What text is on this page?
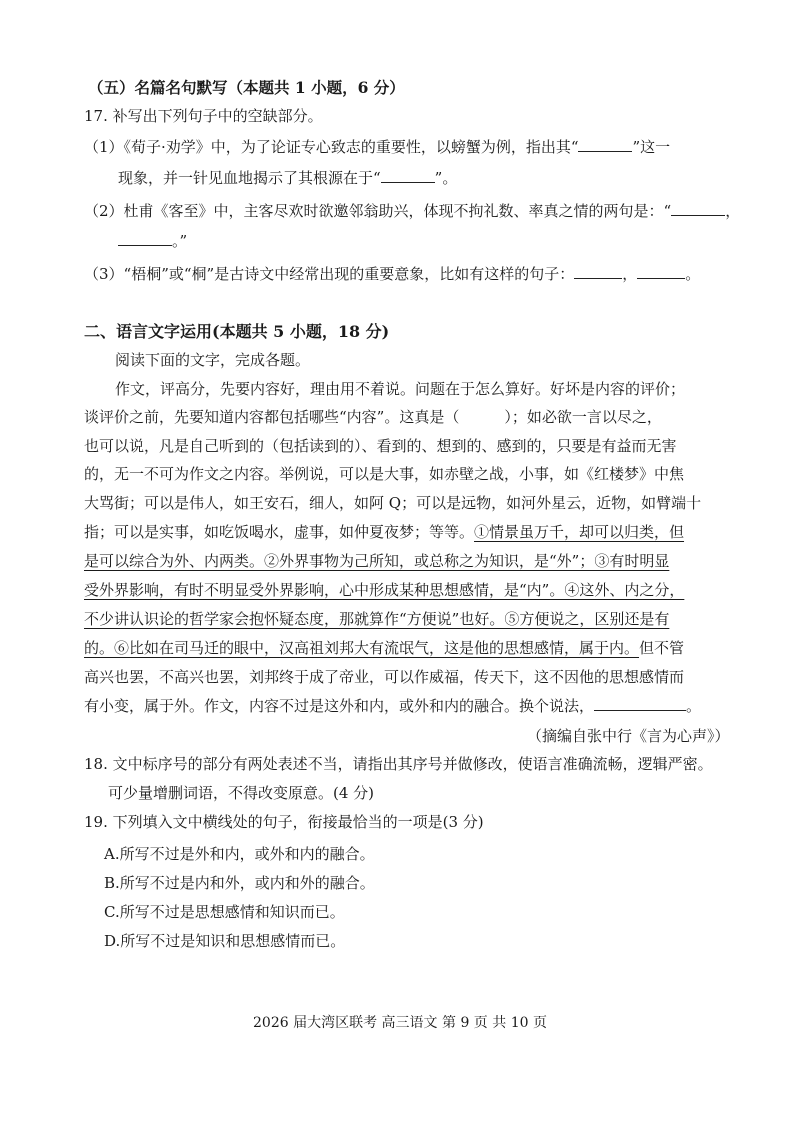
（五）名篇名句默写（本题共 1 小题，6 分）
17. 补写出下列句子中的空缺部分。
（1）《荀子·劝学》中，为了论证专心致志的重要性，以螃蟹为例，指出其“	”这一
现象，并一针见血地揭示了其根源在于“	”。
（2）杜甫《客至》中，主客尽欢时欲邀邻翁助兴，体现不拘礼数、率真之情的两句是：“	，
。”
（3）“梧桐”或“桐”是古诗文中经常出现的重要意象，比如有这样的句子：	，	。
二、语言文字运用(本题共 5 小题，18 分)
阅读下面的文字，完成各题。
作文，评高分，先要内容好，理由用不着说。问题在于怎么算好。好坏是内容的评价；
谈评价之前，先要知道内容都包括哪些“内容”。这真是（　　　）；如必欲一言以尽之，
也可以说，凡是自己听到的（包括读到的）、看到的、想到的、感到的，只要是有益而无害
的，无一不可为作文之内容。举例说，可以是大事，如赤壁之战，小事，如《红楼梦》中焦
大骂街；可以是伟人，如王安石，细人，如阿 Q；可以是远物，如河外星云，近物，如臂端十
指；可以是实事，如吃饭喝水，虚事，如仲夏夜梦；等等。①情景虽万千，却可以归类，但
是可以综合为外、内两类。②外界事物为己所知，或总称之为知识，是“外”；③有时明显
受外界影响，有时不明显受外界影响，心中形成某种思想感情，是“内”。④这外、内之分，
不少讲认识论的哲学家会抱怀疑态度，那就算作“方便说”也好。⑤方便说之，区别还是有
的。⑥比如在司马迁的眼中，汉高祖刘邦大有流氓气，这是他的思想感情，属于内。但不管
高兴也罢，不高兴也罢，刘邦终于成了帝业，可以作威福，传天下，这不因他的思想感情而
有小变，属于外。作文，内容不过是这外和内，或外和内的融合。换个说法，	。
（摘编自张中行《言为心声》）
18. 文中标序号的部分有两处表述不当，请指出其序号并做修改，使语言准确流畅，逻辑严密。
可少量增删词语，不得改变原意。(4 分)
19. 下列填入文中横线处的句子，衔接最恰当的一项是(3 分)
A.所写不过是外和内，或外和内的融合。
B.所写不过是内和外，或内和外的融合。
C.所写不过是思想感情和知识而已。
D.所写不过是知识和思想感情而已。
2026 届大湾区联考 高三语文 第 9 页 共 10 页
